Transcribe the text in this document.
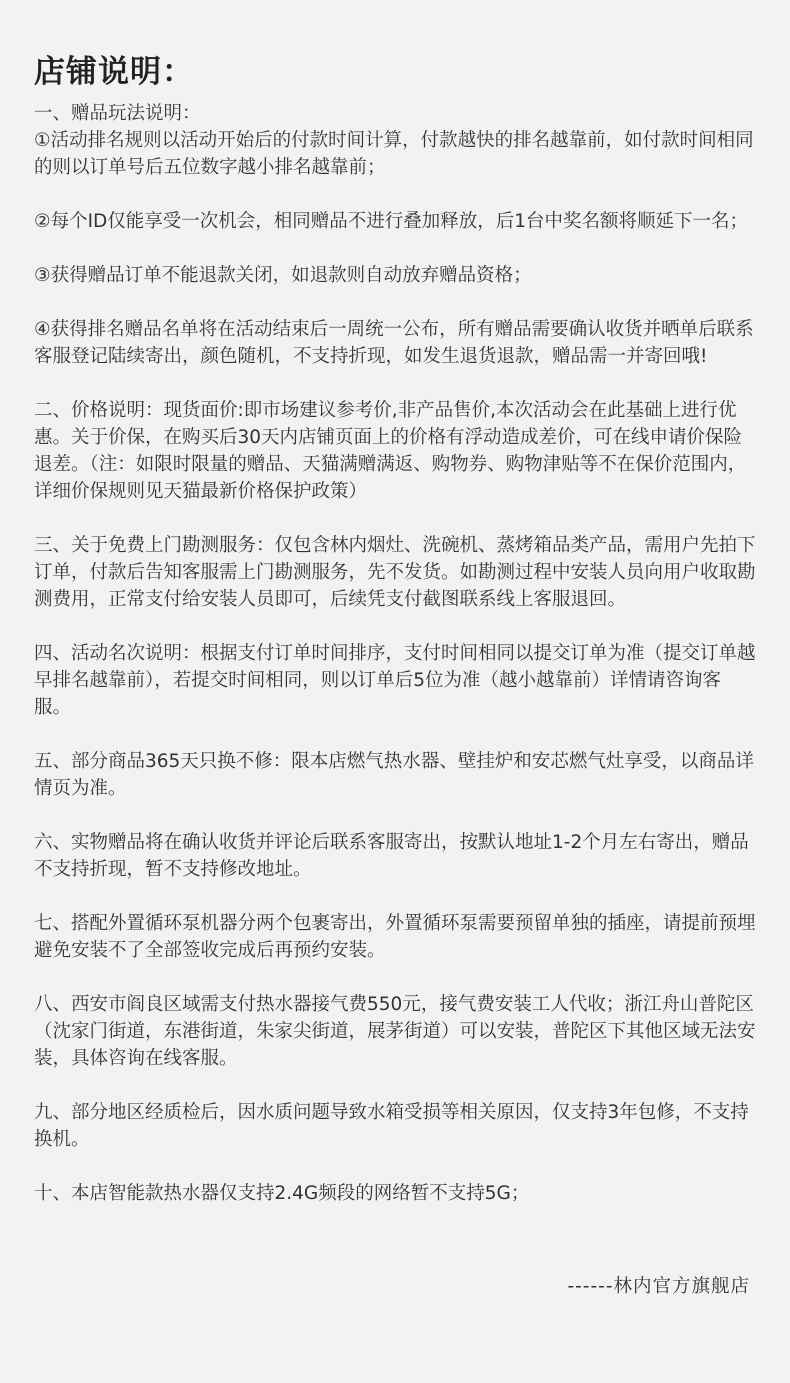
店铺说明：
一、赠品玩法说明：
①活动排名规则以活动开始后的付款时间计算，付款越快的排名越靠前，如付款时间相同的则以订单号后五位数字越小排名越靠前；
②每个ID仅能享受一次机会，相同赠品不进行叠加释放，后1台中奖名额将顺延下一名；
③获得赠品订单不能退款关闭，如退款则自动放弃赠品资格；
④获得排名赠品名单将在活动结束后一周统一公布，所有赠品需要确认收货并晒单后联系客服登记陆续寄出，颜色随机，不支持折现，如发生退货退款，赠品需一并寄回哦!
二、价格说明：现货面价:即市场建议参考价,非产品售价,本次活动会在此基础上进行优惠。关于价保，在购买后30天内店铺页面上的价格有浮动造成差价，可在线申请价保险退差。（注：如限时限量的赠品、天猫满赠满返、购物券、购物津贴等不在保价范围内，详细价保规则见天猫最新价格保护政策）
三、关于免费上门勘测服务：仅包含林内烟灶、洗碗机、蒸烤箱品类产品，需用户先拍下订单，付款后告知客服需上门勘测服务，先不发货。如勘测过程中安装人员向用户收取勘测费用，正常支付给安装人员即可，后续凭支付截图联系线上客服退回。
四、活动名次说明：根据支付订单时间排序，支付时间相同以提交订单为准（提交订单越早排名越靠前），若提交时间相同，则以订单后5位为准（越小越靠前）详情请咨询客服。
五、部分商品365天只换不修：限本店燃气热水器、壁挂炉和安芯燃气灶享受，以商品详情页为准。
六、实物赠品将在确认收货并评论后联系客服寄出，按默认地址1-2个月左右寄出，赠品不支持折现，暂不支持修改地址。
七、搭配外置循环泵机器分两个包裹寄出，外置循环泵需要预留单独的插座，请提前预埋避免安装不了全部签收完成后再预约安装。
八、西安市阎良区域需支付热水器接气费550元，接气费安装工人代收；浙江舟山普陀区（沈家门街道，东港街道，朱家尖街道，展茅街道）可以安装，普陀区下其他区域无法安装，具体咨询在线客服。
九、部分地区经质检后，因水质问题导致水箱受损等相关原因，仅支持3年包修，不支持换机。
十、本店智能款热水器仅支持2.4G频段的网络暂不支持5G；
------林内官方旗舰店
